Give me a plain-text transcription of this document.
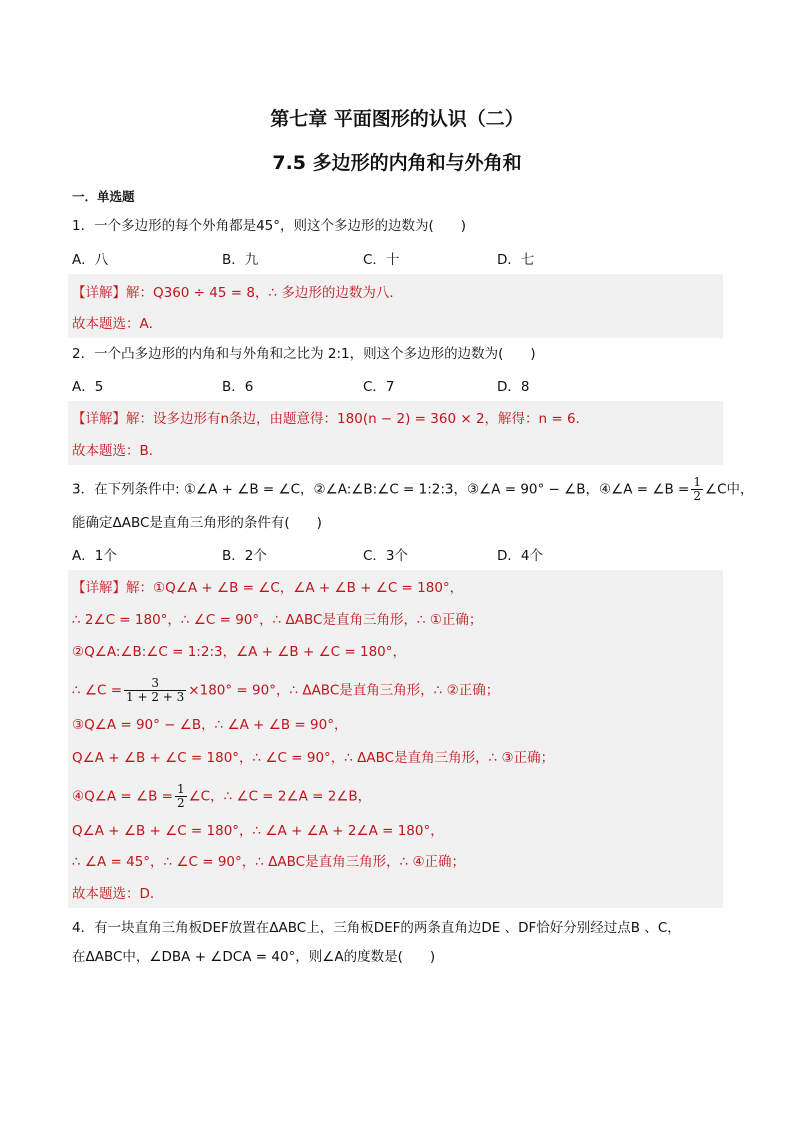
第七章 平面图形的认识（二）
7.5 多边形的内角和与外角和
一．单选题
1．一个多边形的每个外角都是45°，则这个多边形的边数为(　　)
A．八	B．九	C．十	D．七
【详解】解：Q360 ÷ 45 = 8，∴ 多边形的边数为八．
故本题选：A．
2．一个凸多边形的内角和与外角和之比为 2:1，则这个多边形的边数为(　　)
A．5	B．6	C．7	D．8
【详解】解：设多边形有n条边，由题意得：180(n − 2) = 360 × 2，解得：n = 6．
故本题选：B．
3．在下列条件中: ①∠A + ∠B = ∠C，②∠A:∠B:∠C = 1:2:3，③∠A = 90° − ∠B，④∠A = ∠B = $\frac{1}{2}$ ∠C中，
能确定ΔABC是直角三角形的条件有(　　)
A．1个	B．2个	C．3个	D．4个
【详解】解：①Q∠A + ∠B = ∠C，∠A + ∠B + ∠C = 180°，
∴ 2∠C = 180°，∴ ∠C = 90°，∴ ΔABC是直角三角形，∴ ①正确；
②Q∠A:∠B:∠C = 1:2:3，∠A + ∠B + ∠C = 180°，
∴ ∠C = $\frac{3}{1 + 2 + 3} \times 180^\circ = 90^\circ$，∴ ΔABC是直角三角形，∴ ②正确；
③Q∠A = 90° − ∠B，∴ ∠A + ∠B = 90°，
Q∠A + ∠B + ∠C = 180°，∴ ∠C = 90°，∴ ΔABC是直角三角形，∴ ③正确；
④Q∠A = ∠B = $\frac{1}{2}$ ∠C，∴ ∠C = 2∠A = 2∠B，
Q∠A + ∠B + ∠C = 180°，∴ ∠A + ∠A + 2∠A = 180°，
∴ ∠A = 45°，∴ ∠C = 90°，∴ ΔABC是直角三角形，∴ ④正确；
故本题选：D．
4．有一块直角三角板DEF放置在ΔABC上，三角板DEF的两条直角边DE 、DF恰好分别经过点B 、C，
在ΔABC中，∠DBA + ∠DCA = 40°，则∠A的度数是(　　)
